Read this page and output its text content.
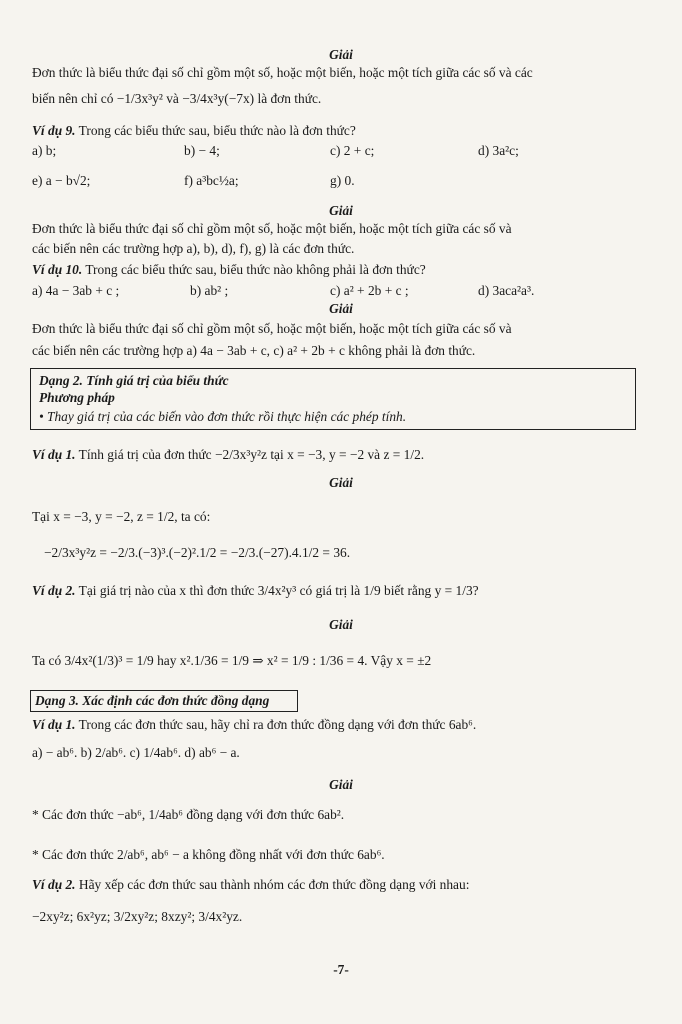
Giải
Đơn thức là biểu thức đại số chỉ gồm một số, hoặc một biến, hoặc một tích giữa các số và các
biến nên chỉ có −1/3x³y² và −3/4x³y(−7x) là đơn thức.
Ví dụ 9. Trong các biểu thức sau, biểu thức nào là đơn thức?
a) b;	b) − 4;	c) 2 + c;	d) 3a²c;
e) a − b√2;	f) a³bc½a;	g) 0.
Giải
Đơn thức là biểu thức đại số chỉ gồm một số, hoặc một biến, hoặc một tích giữa các số và
các biến nên các trường hợp a), b), d), f), g) là các đơn thức.
Ví dụ 10. Trong các biểu thức sau, biểu thức nào không phải là đơn thức?
a) 4a − 3ab + c ;	b) ab² ;	c) a² + 2b + c ;	d) 3aca²a³.
Giải
Đơn thức là biểu thức đại số chỉ gồm một số, hoặc một biến, hoặc một tích giữa các số và
các biến nên các trường hợp a) 4a − 3ab + c, c) a² + 2b + c không phải là đơn thức.
Dạng 2. Tính giá trị của biểu thức
Phương pháp
• Thay giá trị của các biến vào đơn thức rồi thực hiện các phép tính.
Ví dụ 1. Tính giá trị của đơn thức −2/3x³y²z tại x = −3, y = −2 và z = 1/2.
Giải
Tại x = −3, y = −2, z = 1/2, ta có:
−2/3x³y²z = −2/3.(−3)³.(−2)².1/2 = −2/3.(−27).4.1/2 = 36.
Ví dụ 2. Tại giá trị nào của x thì đơn thức 3/4x²y³ có giá trị là 1/9 biết rằng y = 1/3?
Giải
Ta có 3/4x²(1/3)³ = 1/9 hay x².1/36 = 1/9 ⇒ x² = 1/9 : 1/36 = 4. Vậy x = ±2
Dạng 3. Xác định các đơn thức đồng dạng
Ví dụ 1. Trong các đơn thức sau, hãy chỉ ra đơn thức đồng dạng với đơn thức 6ab⁶.
a) − ab⁶. b) 2/ab⁶. c) 1/4ab⁶. d) ab⁶ − a.
Giải
* Các đơn thức −ab⁶, 1/4ab⁶ đồng dạng với đơn thức 6ab².
* Các đơn thức 2/ab⁶, ab⁶ − a không đồng nhất với đơn thức 6ab⁶.
Ví dụ 2. Hãy xếp các đơn thức sau thành nhóm các đơn thức đồng dạng với nhau:
−2xy²z; 6x²yz; 3/2xy²z; 8xzy²; 3/4x²yz.
-7-
